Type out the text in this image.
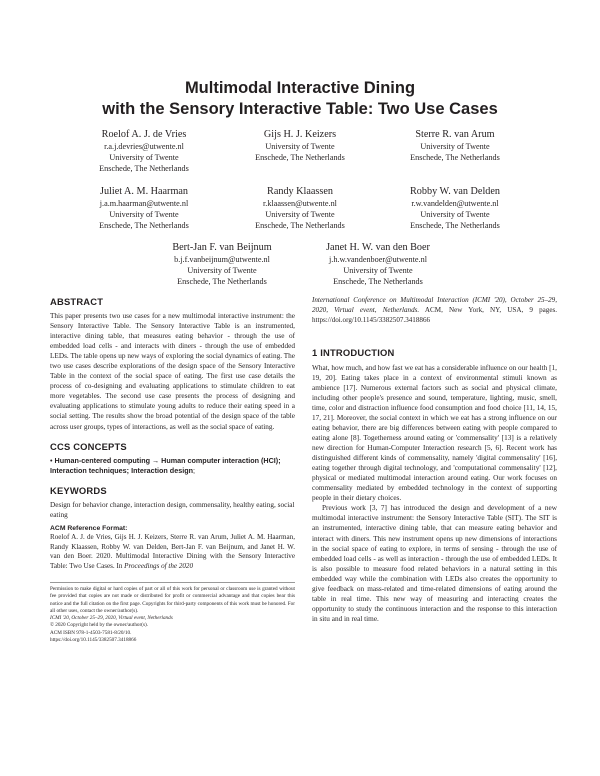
Multimodal Interactive Dining
with the Sensory Interactive Table: Two Use Cases
Roelof A. J. de Vries
r.a.j.devries@utwente.nl
University of Twente
Enschede, The Netherlands
Gijs H. J. Keizers
University of Twente
Enschede, The Netherlands
Sterre R. van Arum
University of Twente
Enschede, The Netherlands
Juliet A. M. Haarman
j.a.m.haarman@utwente.nl
University of Twente
Enschede, The Netherlands
Randy Klaassen
r.klaassen@utwente.nl
University of Twente
Enschede, The Netherlands
Robby W. van Delden
r.w.vandelden@utwente.nl
University of Twente
Enschede, The Netherlands
Bert-Jan F. van Beijnum
b.j.f.vanbeijnum@utwente.nl
University of Twente
Enschede, The Netherlands
Janet H. W. van den Boer
j.h.w.vandenboer@utwente.nl
University of Twente
Enschede, The Netherlands
ABSTRACT

This paper presents two use cases for a new multimodal interactive instrument: the Sensory Interactive Table. The Sensory Interactive Table is an instrumented, interactive dining table, that measures eating behavior - through the use of embedded load cells - and interacts with diners - through the use of embedded LEDs. The table opens up new ways of exploring the social dynamics of eating. The two use cases describe explorations of the design space of the Sensory Interactive Table in the context of the social space of eating. The first use case details the process of co-designing and evaluating applications to stimulate children to eat more vegetables. The second use case presents the process of designing and evaluating applications to stimulate young adults to reduce their eating speed in a social setting. The results show the broad potential of the design space of the table across user groups, types of interactions, as well as the social space of eating.

CCS CONCEPTS

• Human-centered computing → Human computer interaction (HCI); Interaction techniques; Interaction design;

KEYWORDS

Design for behavior change, interaction design, commensality, healthy eating, social eating

ACM Reference Format:

Roelof A. J. de Vries, Gijs H. J. Keizers, Sterre R. van Arum, Juliet A. M. Haarman, Randy Klaassen, Robby W. van Delden, Bert-Jan F. van Beijnum, and Janet H. W. van den Boer. 2020. Multimodal Interactive Dining with the Sensory Interactive Table: Two Use Cases. In Proceedings of the 2020

Permission to make digital or hard copies of part or all of this work for personal or classroom use is granted without fee provided that copies are not made or distributed for profit or commercial advantage and that copies bear this notice and the full citation on the first page. Copyrights for third-party components of this work must be honored. For all other uses, contact the owner/author(s).

ICMI '20, October 25–29, 2020, Virtual event, Netherlands

© 2020 Copyright held by the owner/author(s).

ACM ISBN 978-1-4503-7581-8/20/10.

https://doi.org/10.1145/3382507.3418866

International Conference on Multimodal Interaction (ICMI '20), October 25–29, 2020, Virtual event, Netherlands. ACM, New York, NY, USA, 9 pages. https://doi.org/10.1145/3382507.3418866

1 INTRODUCTION

What, how much, and how fast we eat has a considerable influence on our health [1, 19, 20]. Eating takes place in a context of environmental stimuli known as ambience [17]. Numerous external factors such as social and physical climate, including other people's presence and sound, temperature, lighting, music, smell, time, color and distraction influence food consumption and food choice [11, 14, 15, 17, 21]. Moreover, the social context in which we eat has a strong influence on our eating behavior, there are big differences between eating with people compared to eating alone [8]. Togetherness around eating or 'commensality' [13] is a relatively new direction for Human-Computer Interaction research [5, 6]. Recent work has distinguished different kinds of commensality, namely 'digital commensality' [16], eating together through digital technology, and 'computational commensality' [12], physical or mediated multimodal interaction around eating. Our work focuses on commensality mediated by embedded technology in the context of supporting people in their dietary choices.

Previous work [3, 7] has introduced the design and development of a new multimodal interactive instrument: the Sensory Interactive Table (SIT). The SIT is an instrumented, interactive dining table, that can measure eating behavior and interact with diners. This new instrument opens up new dimensions of interactions in the social space of eating to explore, in terms of sensing - through the use of embedded load cells - as well as interaction - through the use of embedded LEDs. It is also possible to measure food related behaviors in a natural setting in this embedded way while the combination with LEDs also creates the opportunity to give feedback on mass-related and time-related dimensions of eating around the table in real time. This new way of measuring and interacting creates the opportunity to study the continuous interaction and the response to this interaction in situ and in real time.
